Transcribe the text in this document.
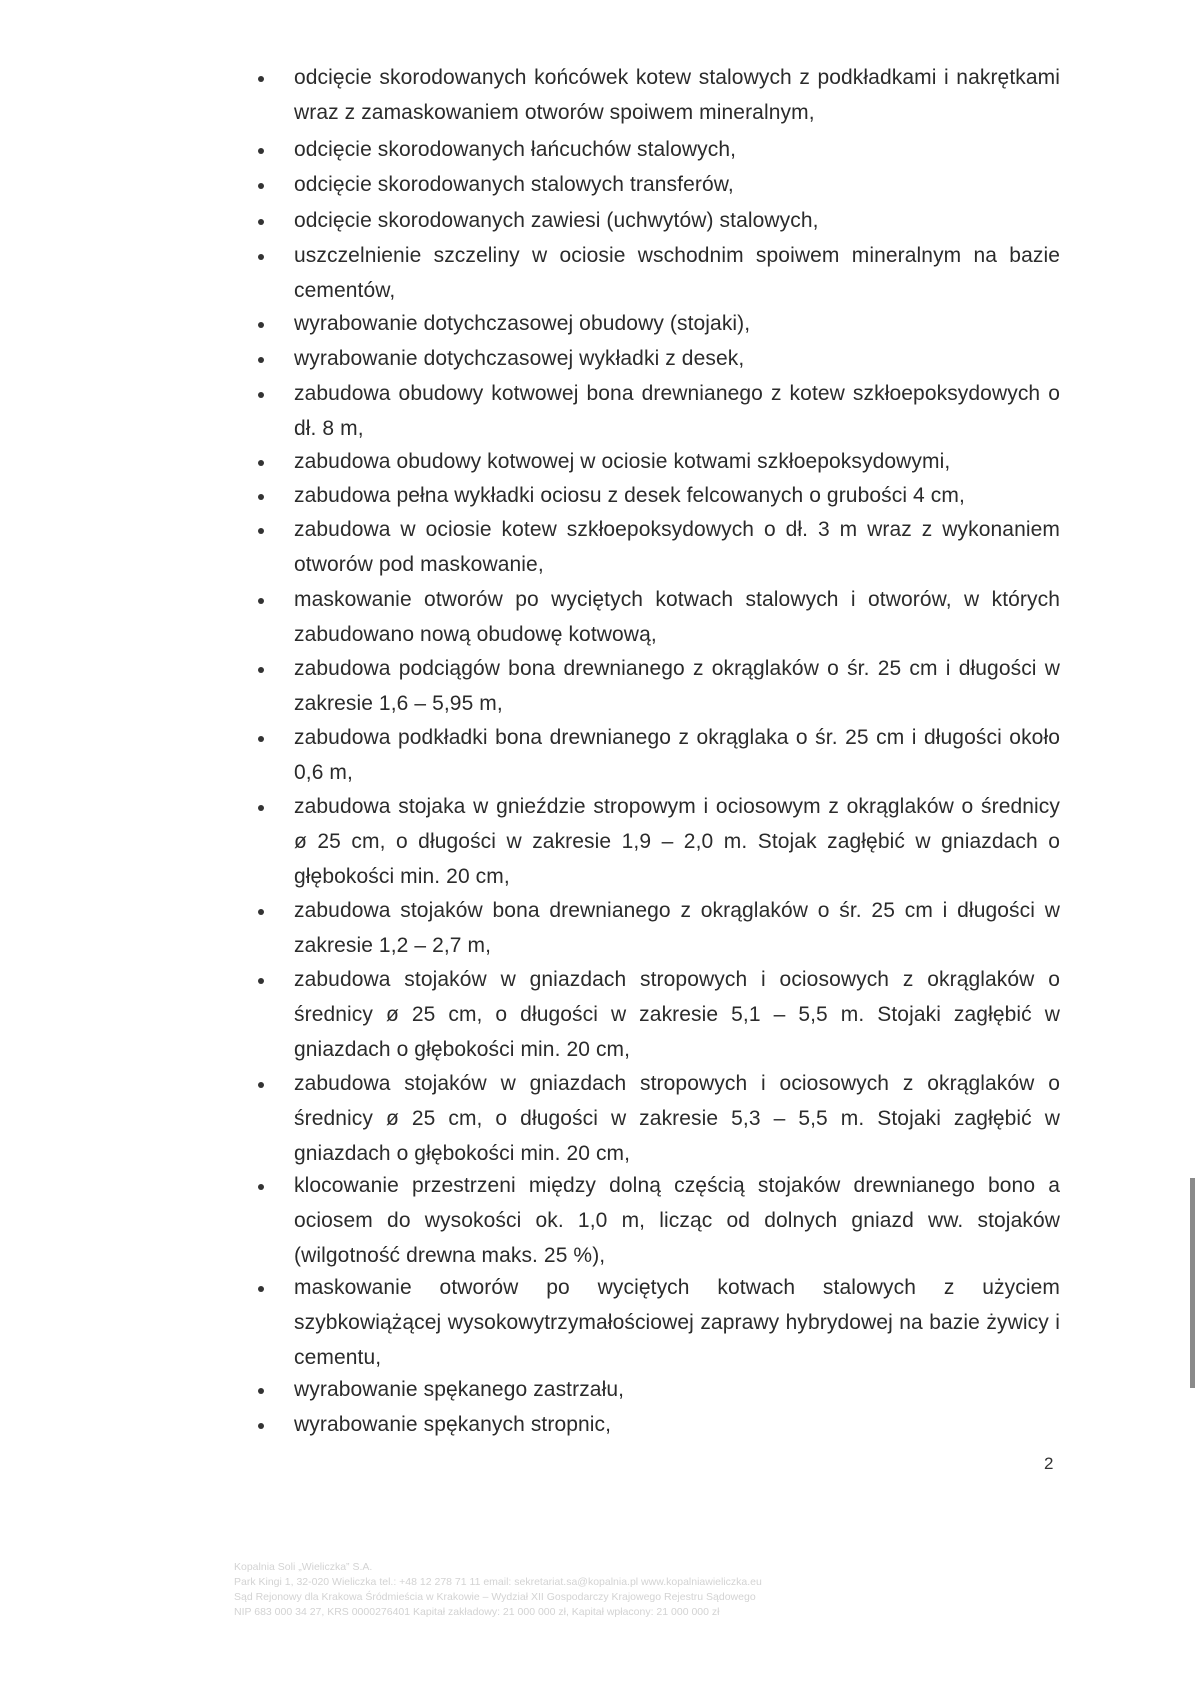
odcięcie skorodowanych końcówek kotew stalowych z podkładkami i nakrętkami wraz z zamaskowaniem otworów spoiwem mineralnym,
odcięcie skorodowanych łańcuchów stalowych,
odcięcie skorodowanych stalowych transferów,
odcięcie skorodowanych zawiesi (uchwytów) stalowych,
uszczelnienie szczeliny w ociosie wschodnim spoiwem mineralnym na bazie cementów,
wyrabowanie dotychczasowej obudowy (stojaki),
wyrabowanie dotychczasowej wykładki z desek,
zabudowa obudowy kotwowej bona drewnianego z kotew szkłoepoksydowych o dł. 8 m,
zabudowa obudowy kotwowej w ociosie kotwami szkłoepoksydowymi,
zabudowa pełna wykładki ociosu z desek felcowanych o grubości 4 cm,
zabudowa w ociosie kotew szkłoepoksydowych o dł. 3 m wraz z wykonaniem otworów pod maskowanie,
maskowanie otworów po wyciętych kotwach stalowych i otworów, w których zabudowano nową obudowę kotwową,
zabudowa podciągów bona drewnianego z okrąglaków o śr. 25 cm i długości w zakresie 1,6 – 5,95 m,
zabudowa podkładki bona drewnianego z okrąglaka o śr. 25 cm i długości około 0,6 m,
zabudowa stojaka w gnieździe stropowym i ociosowym z okrąglaków o średnicy ø 25 cm, o długości w zakresie 1,9 – 2,0 m. Stojak zagłębić w gniazdach o głębokości min. 20 cm,
zabudowa stojaków bona drewnianego z okrąglaków o śr. 25 cm i długości w zakresie 1,2 – 2,7 m,
zabudowa stojaków w gniazdach stropowych i ociosowych z okrąglaków o średnicy ø 25 cm, o długości w zakresie 5,1 – 5,5 m. Stojaki zagłębić w gniazdach o głębokości min. 20 cm,
zabudowa stojaków w gniazdach stropowych i ociosowych z okrąglaków o średnicy ø 25 cm, o długości w zakresie 5,3 – 5,5 m. Stojaki zagłębić w gniazdach o głębokości min. 20 cm,
klocowanie przestrzeni między dolną częścią stojaków drewnianego bono a ociosem do wysokości ok. 1,0 m, licząc od dolnych gniazd ww. stojaków (wilgotność drewna maks. 25 %),
maskowanie otworów po wyciętych kotwach stalowych z użyciem szybkowiążącej wysokowytrzymałościowej zaprawy hybrydowej na bazie żywicy i cementu,
wyrabowanie spękanego zastrzału,
wyrabowanie spękanych stropnic,
2
Kopalnia Soli „Wieliczka” S.A.
Park Kingi 1, 32-020 Wieliczka tel.: +48 12 278 71 11 email: sekretariat.sa@kopalnia.pl www.kopalniawieliczka.eu
Sąd Rejonowy dla Krakowa Śródmieścia w Krakowie – Wydział XII Gospodarczy Krajowego Rejestru Sądowego
NIP 683 000 34 27, KRS 0000276401 Kapitał zakładowy: 21 000 000 zł, Kapitał wpłacony: 21 000 000 zł
